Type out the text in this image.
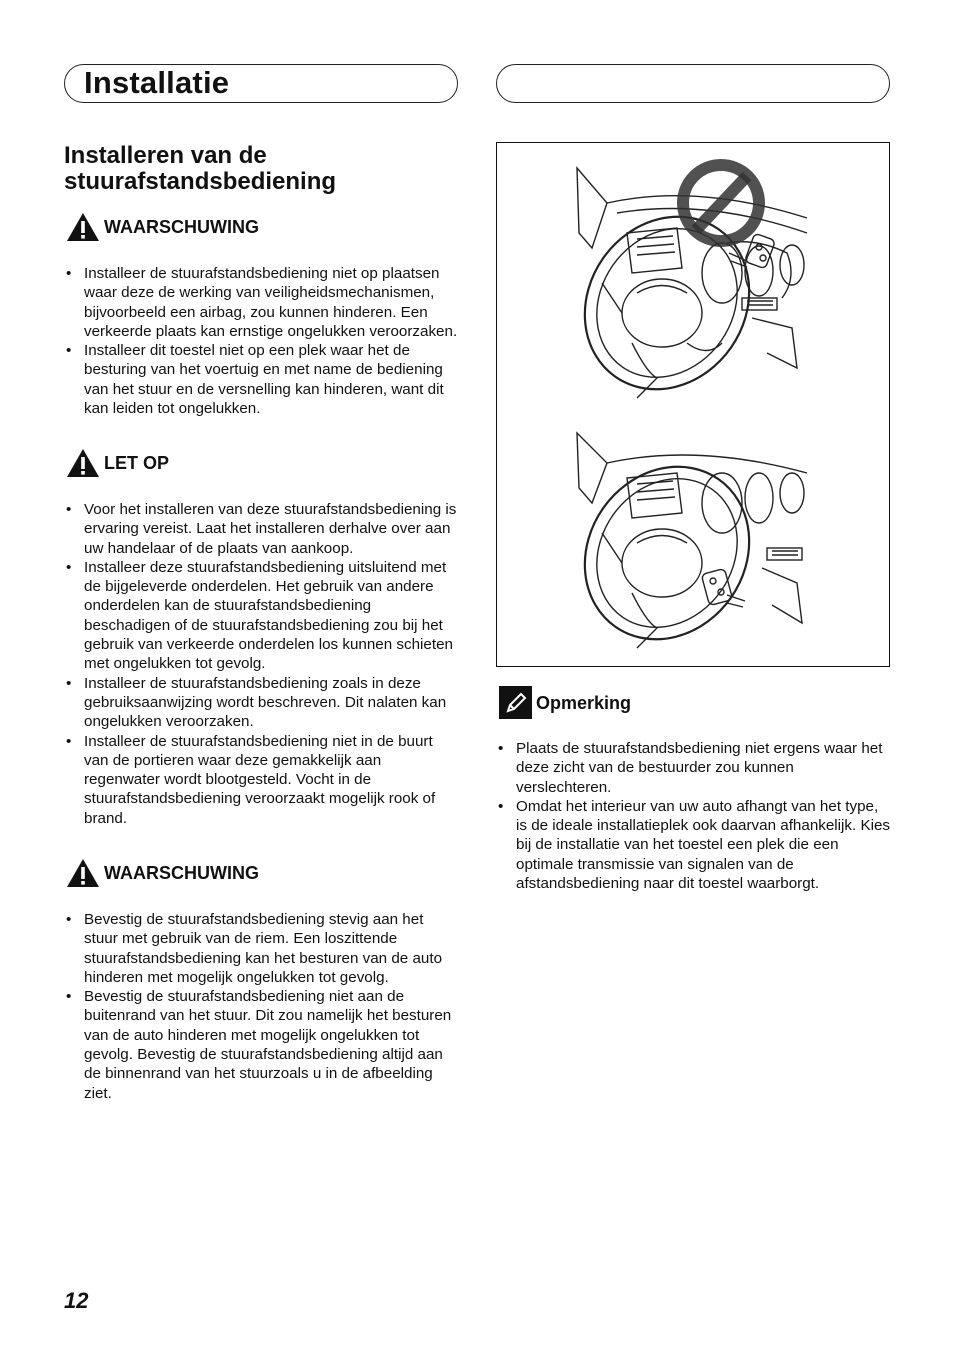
Installatie
Installeren van de stuurafstandsbediening
WAARSCHUWING
• Installeer de stuurafstandsbediening niet op plaatsen waar deze de werking van veiligheidsmechanismen, bijvoorbeeld een airbag, zou kunnen hinderen. Een verkeerde plaats kan ernstige ongelukken veroorzaken.
• Installeer dit toestel niet op een plek waar het de besturing van het voertuig en met name de bediening van het stuur en de versnelling kan hinderen, want dit kan leiden tot ongelukken.
LET OP
• Voor het installeren van deze stuurafstandsbediening is ervaring vereist. Laat het installeren derhalve over aan uw handelaar of de plaats van aankoop.
• Installeer deze stuurafstandsbediening uitsluitend met de bijgeleverde onderdelen. Het gebruik van andere onderdelen kan de stuurafstandsbediening beschadigen of de stuurafstandsbediening zou bij het gebruik van verkeerde onderdelen los kunnen schieten met ongelukken tot gevolg.
• Installeer de stuurafstandsbediening zoals in deze gebruiksaanwijzing wordt beschreven. Dit nalaten kan ongelukken veroorzaken.
• Installeer de stuurafstandsbediening niet in de buurt van de portieren waar deze gemakkelijk aan regenwater wordt blootgesteld. Vocht in de stuurafstandsbediening veroorzaakt mogelijk rook of brand.
WAARSCHUWING
• Bevestig de stuurafstandsbediening stevig aan het stuur met gebruik van de riem. Een loszittende stuurafstandsbediening kan het besturen van de auto hinderen met mogelijk ongelukken tot gevolg.
• Bevestig de stuurafstandsbediening niet aan de buitenrand van het stuur. Dit zou namelijk het besturen van de auto hinderen met mogelijk ongelukken tot gevolg. Bevestig de stuurafstandsbediening altijd aan de binnenrand van het stuurzoals u in de afbeelding ziet.
Opmerking
• Plaats de stuurafstandsbediening niet ergens waar het deze zicht van de bestuurder zou kunnen verslechteren.
• Omdat het interieur van uw auto afhangt van het type, is de ideale installatieplek ook daarvan afhankelijk. Kies bij de installatie van het toestel een plek die een optimale transmissie van signalen van de afstandsbediening naar dit toestel waarborgt.
12
